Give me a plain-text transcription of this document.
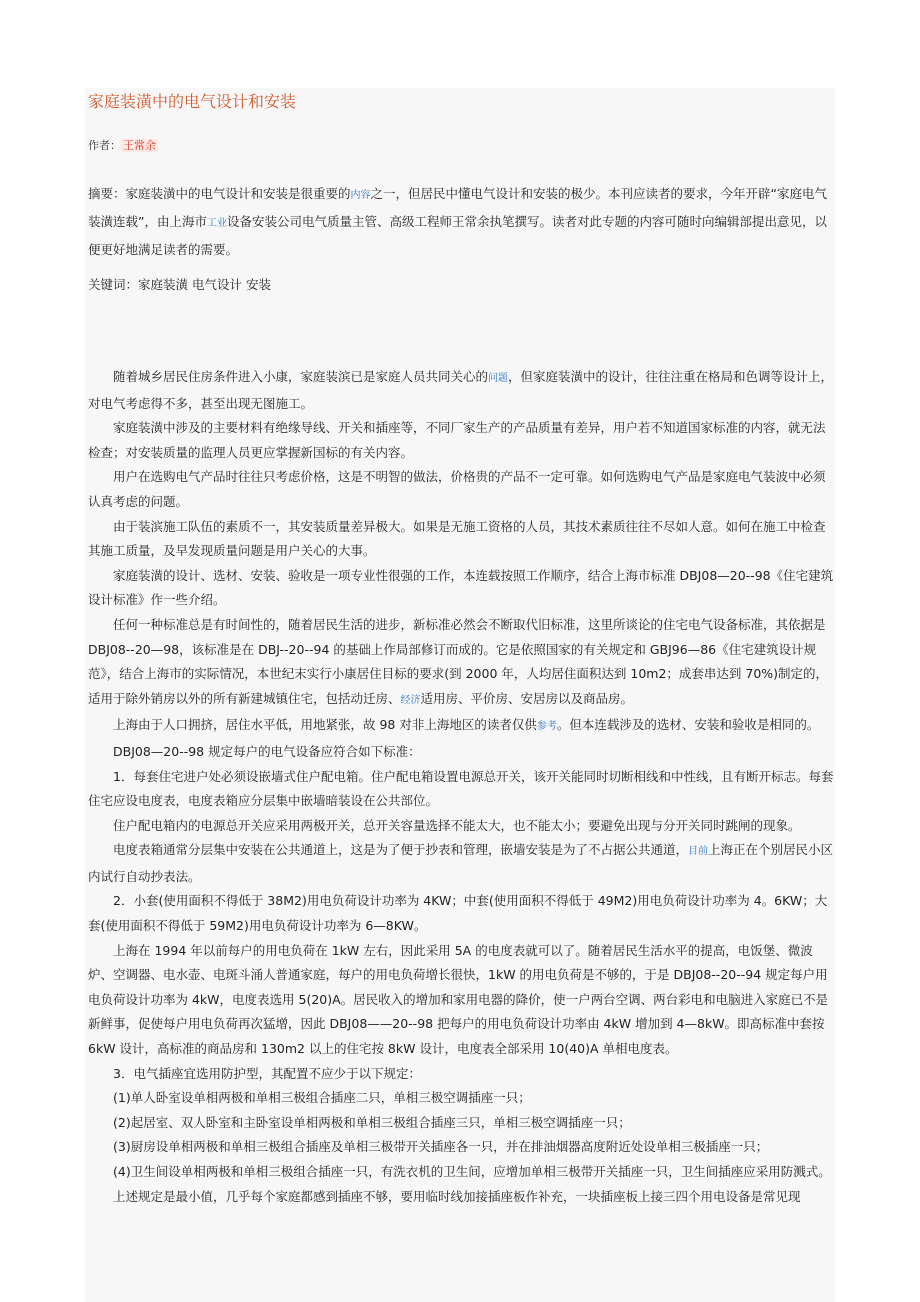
家庭装潢中的电气设计和安装
作者： 王常余
摘要：家庭装潢中的电气设计和安装是很重要的内容之一，但居民中懂电气设计和安装的极少。本刊应读者的要求，今年开辟“家庭电气装潢连载”，由上海市工业设备安装公司电气质量主管、高级工程师王常余执笔撰写。读者对此专题的内容可随时向编辑部提出意见，以便更好地满足读者的需要。
关键词：家庭装潢 电气设计 安装

随着城乡居民住房条件进入小康，家庭装滨已是家庭人员共同关心的问题，但家庭装潢中的设计，往往注重在格局和色调等设计上，对电气考虑得不多，甚至出现无图施工。

家庭装潢中涉及的主要材料有绝缘导线、开关和插座等，不同厂家生产的产品质量有差异，用户若不知道国家标准的内容，就无法检查；对安装质量的监理人员更应掌握新国标的有关内容。

用户在选购电气产品时往往只考虑价格，这是不明智的做法，价格贵的产品不一定可靠。如何选购电气产品是家庭电气装波中必须认真考虑的问题。

由于装滨施工队伍的素质不一，其安装质量差异极大。如果是无施工资格的人员，其技术素质往往不尽如人意。如何在施工中检查其施工质量，及早发现质量问题是用户关心的大事。

家庭装潢的设计、选材、安装、验收是一项专业性很强的工作，本连载按照工作顺序，结合上海市标准 DBJ08—20--98《住宅建筑设计标准》作一些介绍。

任何一种标准总是有时间性的，随着居民生活的进步，新标准必然会不断取代旧标准，这里所谈论的住宅电气设备标准，其依据是 DBJ08--20—98，该标准是在 DBJ--20--94 的基础上作局部修订而成的。它是依照国家的有关规定和 GBJ96—86《住宅建筑设计规范》，结合上海市的实际情况，本世纪末实行小康居住目标的要求(到 2000 年，人均居住面积达到 10m2；成套串达到 70%)制定的，适用于除外销房以外的所有新建城镇住宅，包括动迁房、经济适用房、平价房、安居房以及商品房。

上海由于人口拥挤，居住水平低，用地紧张，故 98 对非上海地区的读者仅供参考。但本连载涉及的选材、安装和验收是相同的。

DBJ08—20--98 规定每户的电气设备应符合如下标准：

1．每套住宅进户处必须设嵌墙式住户配电箱。住户配电箱设置电源总开关，该开关能同时切断相线和中性线，且有断开标志。每套住宅应设电度表，电度表箱应分层集中嵌墙暗装设在公共部位。

住户配电箱内的电源总开关应采用两极开关，总开关容量选择不能太大，也不能太小；要避免出现与分开关同时跳闸的现象。

电度表箱通常分层集中安装在公共通道上，这是为了便于抄表和管理，嵌墙安装是为了不占据公共通道，目前上海正在个别居民小区内试行自动抄表法。

2．小套(使用面积不得低于 38M2)用电负荷设计功率为 4KW；中套(使用面积不得低于 49M2)用电负荷设计功率为 4。6KW；大套(使用面积不得低于 59M2)用电负荷设计功率为 6—8KW。

上海在 1994 年以前每户的用电负荷在 1kW 左右，因此采用 5A 的电度表就可以了。随着居民生活水平的提高，电饭堡、微波炉、空调器、电水壶、电斑斗涌人普通家庭，每户的用电负荷增长很快，1kW 的用电负荷是不够的，于是 DBJ08--20--94 规定每户用电负荷设计功率为 4kW，电度表选用 5(20)A。居民收入的增加和家用电器的降价，使一户两台空调、两台彩电和电脑进入家庭已不是新鲜事，促使每户用电负荷再次猛增，因此 DBJ08——20--98 把每户的用电负荷设计功率由 4kW 增加到 4—8kW。即高标准中套按 6kW 设计，高标准的商品房和 130m2 以上的住宅按 8kW 设计，电度表全部采用 10(40)A 单相电度表。

3．电气插座宜选用防护型，其配置不应少于以下规定：

(1)单人卧室设单相两极和单相三极组合插座二只，单相三极空调插座一只；

(2)起居室、双人卧室和主卧室设单相两极和单相三极组合插座三只，单相三极空调插座一只；

(3)厨房设单相两极和单相三极组合插座及单相三极带开关插座各一只，并在排油烟器高度附近处设单相三极插座一只；

(4)卫生间设单相两极和单相三极组合插座一只，有洗衣机的卫生间，应增加单相三极带开关插座一只，卫生间插座应采用防溅式。

上述规定是最小值，几乎每个家庭都感到插座不够，要用临时线加接插座板作补充，一块插座板上接三四个用电设备是常见现
